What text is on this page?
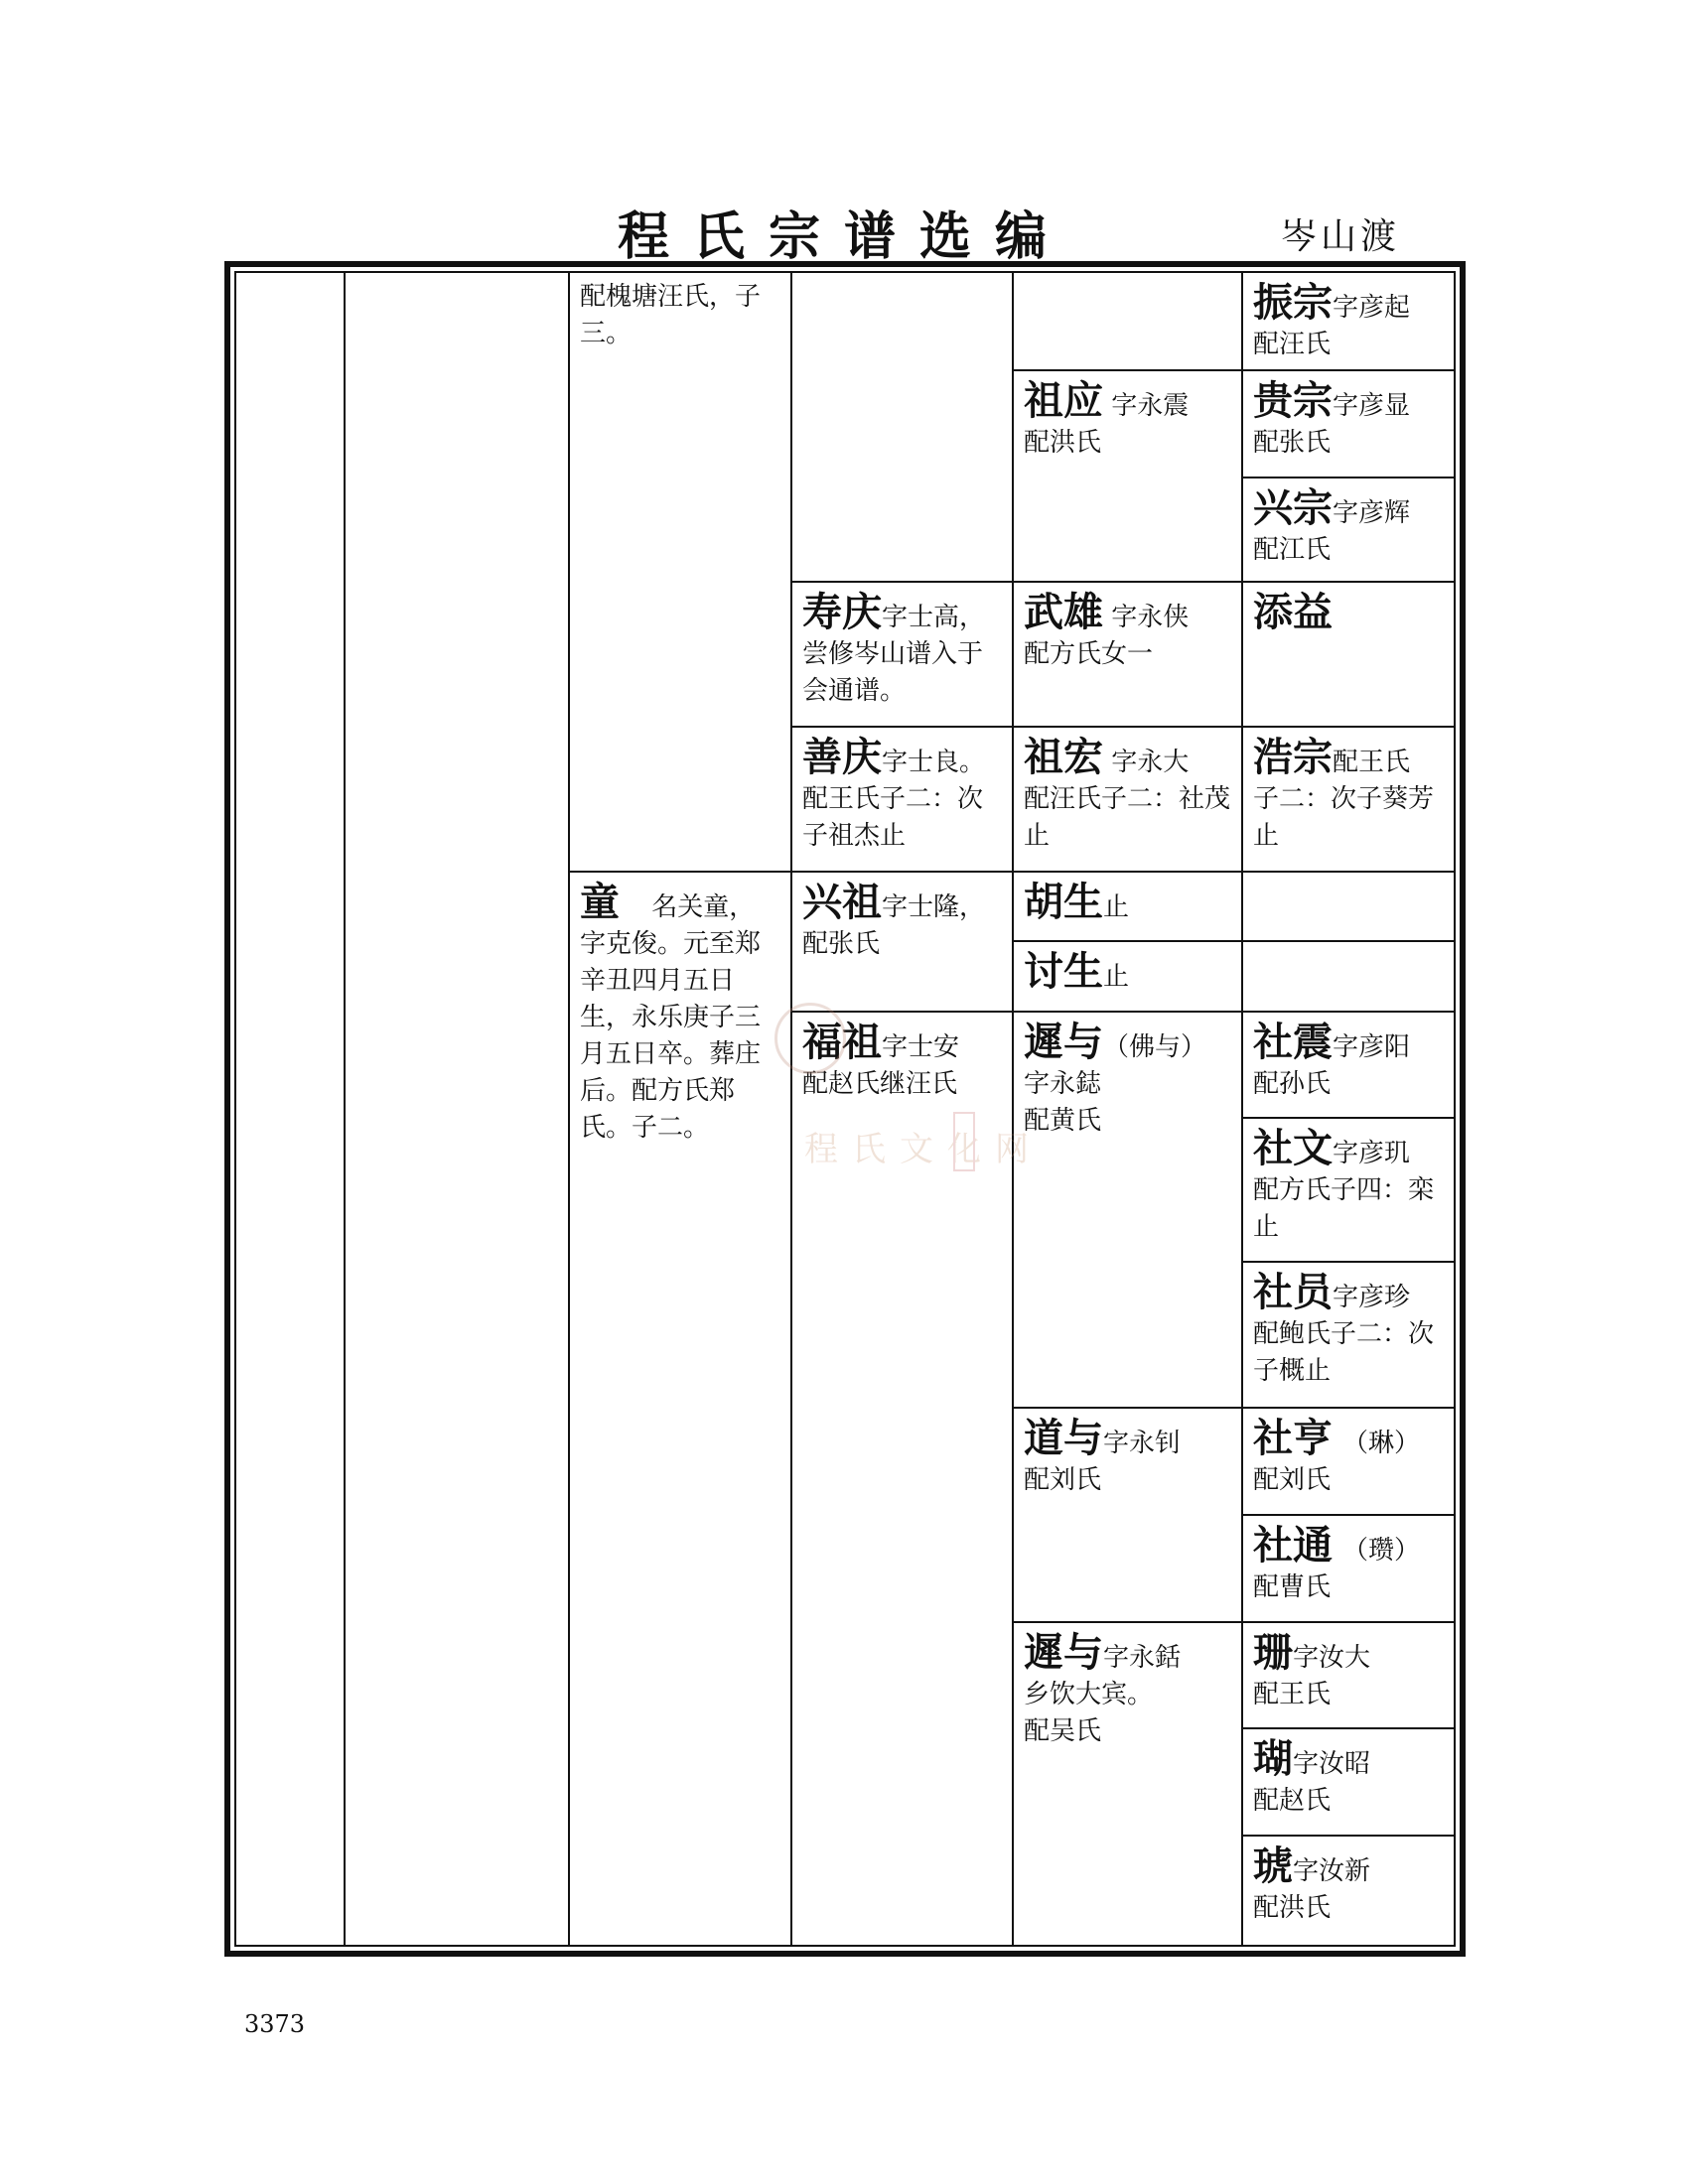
程氏宗谱选编	岑山渡
配槐塘汪氏，子三。
童 名关童，
字克俊。元至郑辛丑四月五日生，永乐庚子三月五日卒。葬庄后。配方氏郑氏。子二。
寿庆字士高，
尝修岑山谱入于会通谱。
善庆字士良。
配王氏子二：次子祖杰止
兴祖字士隆，
配张氏
福祖字士安
配赵氏继汪氏
祖应 字永震
配洪氏
武雄 字永侠
配方氏女一
祖宏 字永大
配汪氏子二：社茂止
胡生止
讨生止
遲与（佛与）
字永鋕
配黄氏
道与字永钊
配刘氏
遲与字永銛
乡饮大宾。
配吴氏
振宗字彦起
配汪氏
贵宗字彦显
配张氏
兴宗字彦辉
配江氏
添益
浩宗配王氏
子二：次子葵芳止
社震字彦阳
配孙氏
社文字彦玑
配方氏子四：栾 止
社员字彦珍
配鲍氏子二：次子概止
社亨 （琳）
配刘氏
社通 （瓒）
配曹氏
珊字汝大
配王氏
瑚字汝昭
配赵氏
琥字汝新
配洪氏
程氏文化网
3373
